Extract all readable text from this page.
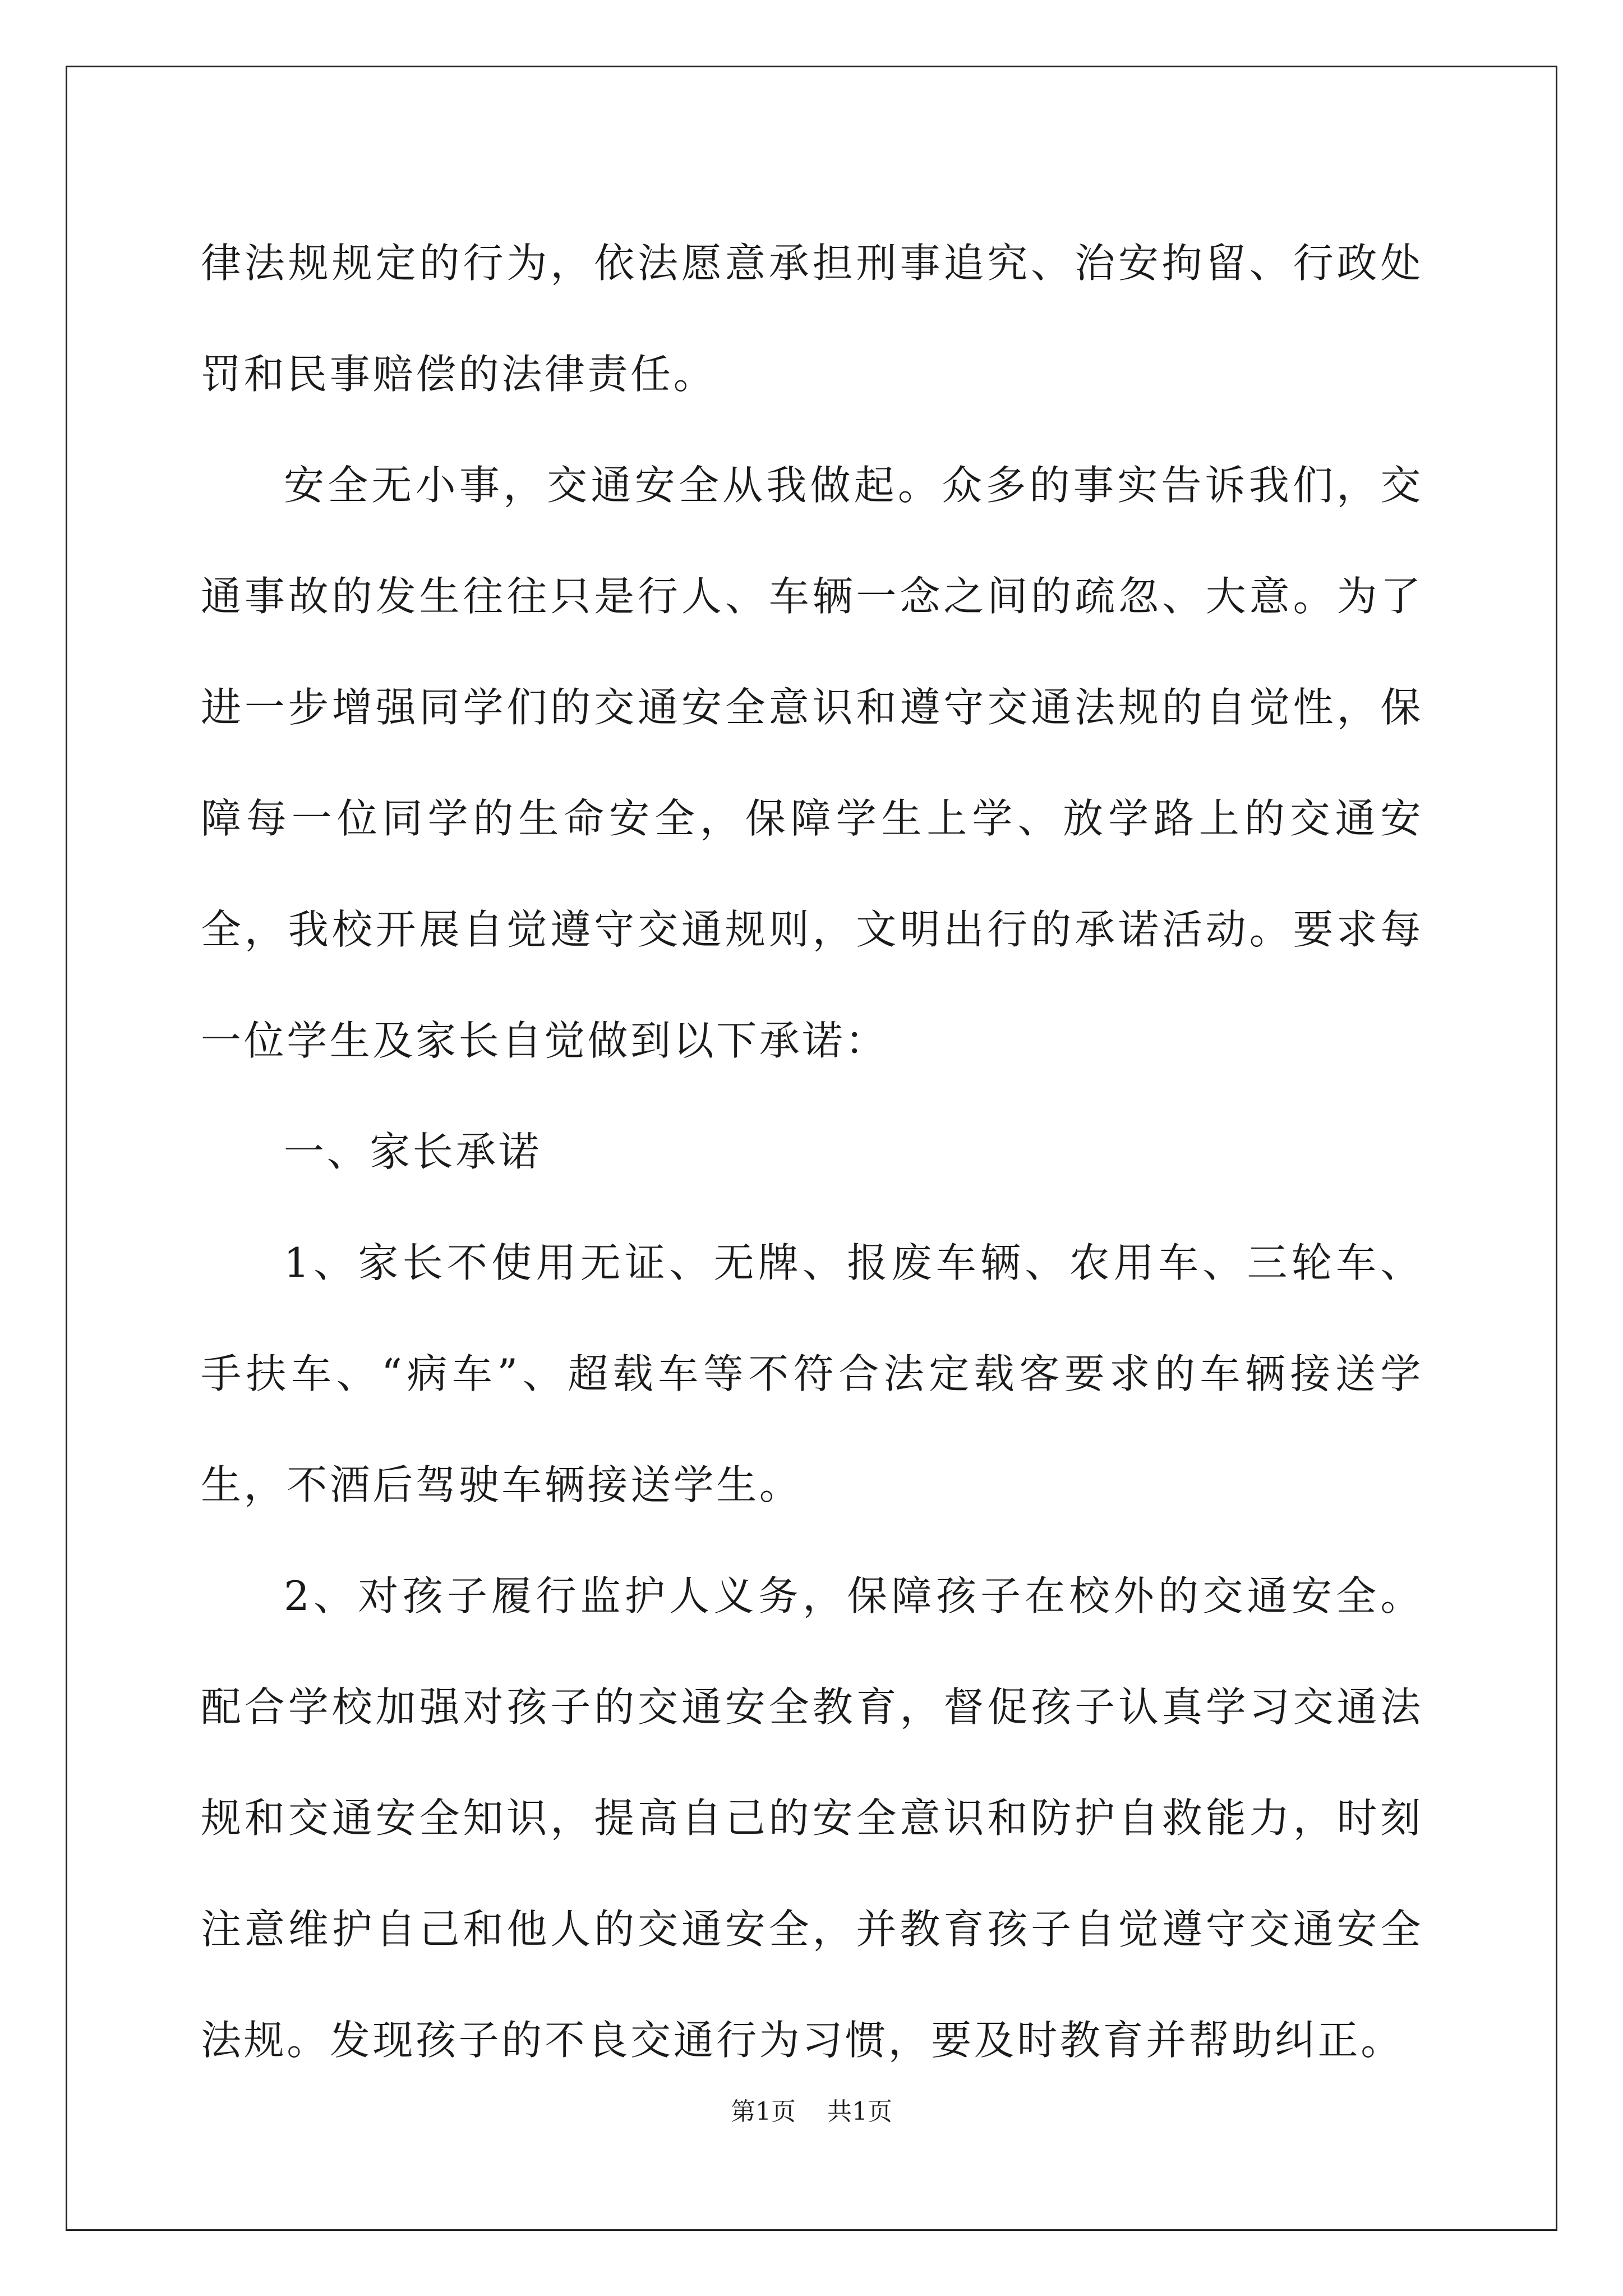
律法规规定的行为，依法愿意承担刑事追究、治安拘留、行政处罚和民事赔偿的法律责任。

安全无小事，交通安全从我做起。众多的事实告诉我们，交通事故的发生往往只是行人、车辆一念之间的疏忽、大意。为了进一步增强同学们的交通安全意识和遵守交通法规的自觉性，保障每一位同学的生命安全，保障学生上学、放学路上的交通安全，我校开展自觉遵守交通规则，文明出行的承诺活动。要求每一位学生及家长自觉做到以下承诺：

一、家长承诺

1、家长不使用无证、无牌、报废车辆、农用车、三轮车、手扶车、“病车”、超载车等不符合法定载客要求的车辆接送学生，不酒后驾驶车辆接送学生。

2、对孩子履行监护人义务，保障孩子在校外的交通安全。配合学校加强对孩子的交通安全教育，督促孩子认真学习交通法规和交通安全知识，提高自己的安全意识和防护自救能力，时刻注意维护自己和他人的交通安全，并教育孩子自觉遵守交通安全法规。发现孩子的不良交通行为习惯，要及时教育并帮助纠正。

第1页 共1页
